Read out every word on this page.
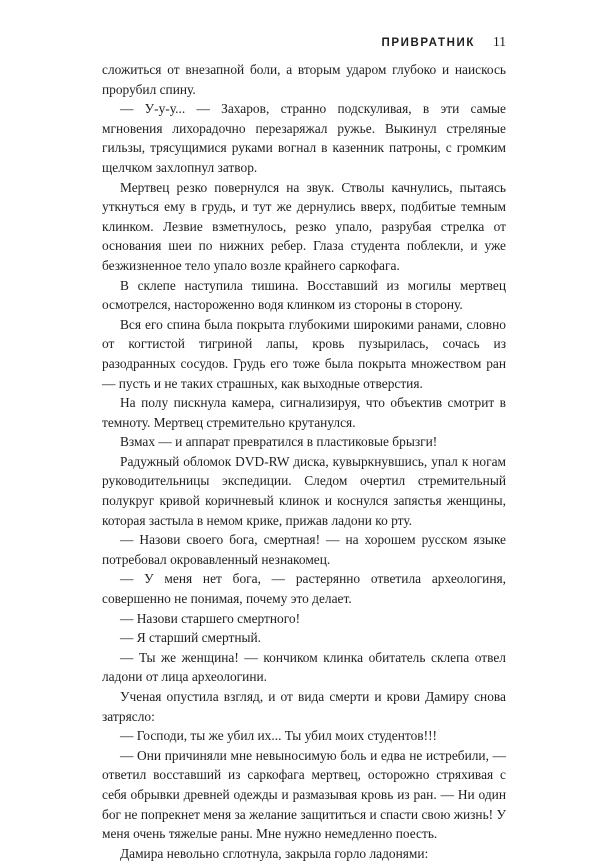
ПРИВРАТНИК 11

сложиться от внезапной боли, а вторым ударом глубоко и наискось прорубил спину.

— У-у-у... — Захаров, странно подскуливая, в эти самые мгновения лихорадочно перезаряжал ружье. Выкинул стреляные гильзы, трясущимися руками вогнал в казенник патроны, с громким щелчком захлопнул затвор.

Мертвец резко повернулся на звук. Стволы качнулись, пытаясь уткнуться ему в грудь, и тут же дернулись вверх, подбитые темным клинком. Лезвие взметнулось, резко упало, разрубая стрелка от основания шеи по нижних ребер. Глаза студента поблекли, и уже безжизненное тело упало возле крайнего саркофага.

В склепе наступила тишина. Восставший из могилы мертвец осмотрелся, настороженно водя клинком из стороны в сторону.

Вся его спина была покрыта глубокими широкими ранами, словно от когтистой тигриной лапы, кровь пузырилась, сочась из разодранных сосудов. Грудь его тоже была покрыта множеством ран — пусть и не таких страшных, как выходные отверстия.

На полу пискнула камера, сигнализируя, что объектив смотрит в темноту. Мертвец стремительно крутанулся.

Взмах — и аппарат превратился в пластиковые брызги!

Радужный обломок DVD-RW диска, кувыркнувшись, упал к ногам руководительницы экспедиции. Следом очертил стремительный полукруг кривой коричневый клинок и коснулся запястья женщины, которая застыла в немом крике, прижав ладони ко рту.

— Назови своего бога, смертная! — на хорошем русском языке потребовал окровавленный незнакомец.

— У меня нет бога, — растерянно ответила археологиня, совершенно не понимая, почему это делает.

— Назови старшего смертного!

— Я старший смертный.

— Ты же женщина! — кончиком клинка обитатель склепа отвел ладони от лица археологини.

Ученая опустила взгляд, и от вида смерти и крови Дамиру снова затрясло:

— Господи, ты же убил их... Ты убил моих студентов!!!

— Они причиняли мне невыносимую боль и едва не истребили, — ответил восставший из саркофага мертвец, осторожно стряхивая с себя обрывки древней одежды и размазывая кровь из ран. — Ни один бог не попрекнет меня за желание защититься и спасти свою жизнь! У меня очень тяжелые раны. Мне нужно немедленно поесть.

Дамира невольно сглотнула, закрыла горло ладонями:
